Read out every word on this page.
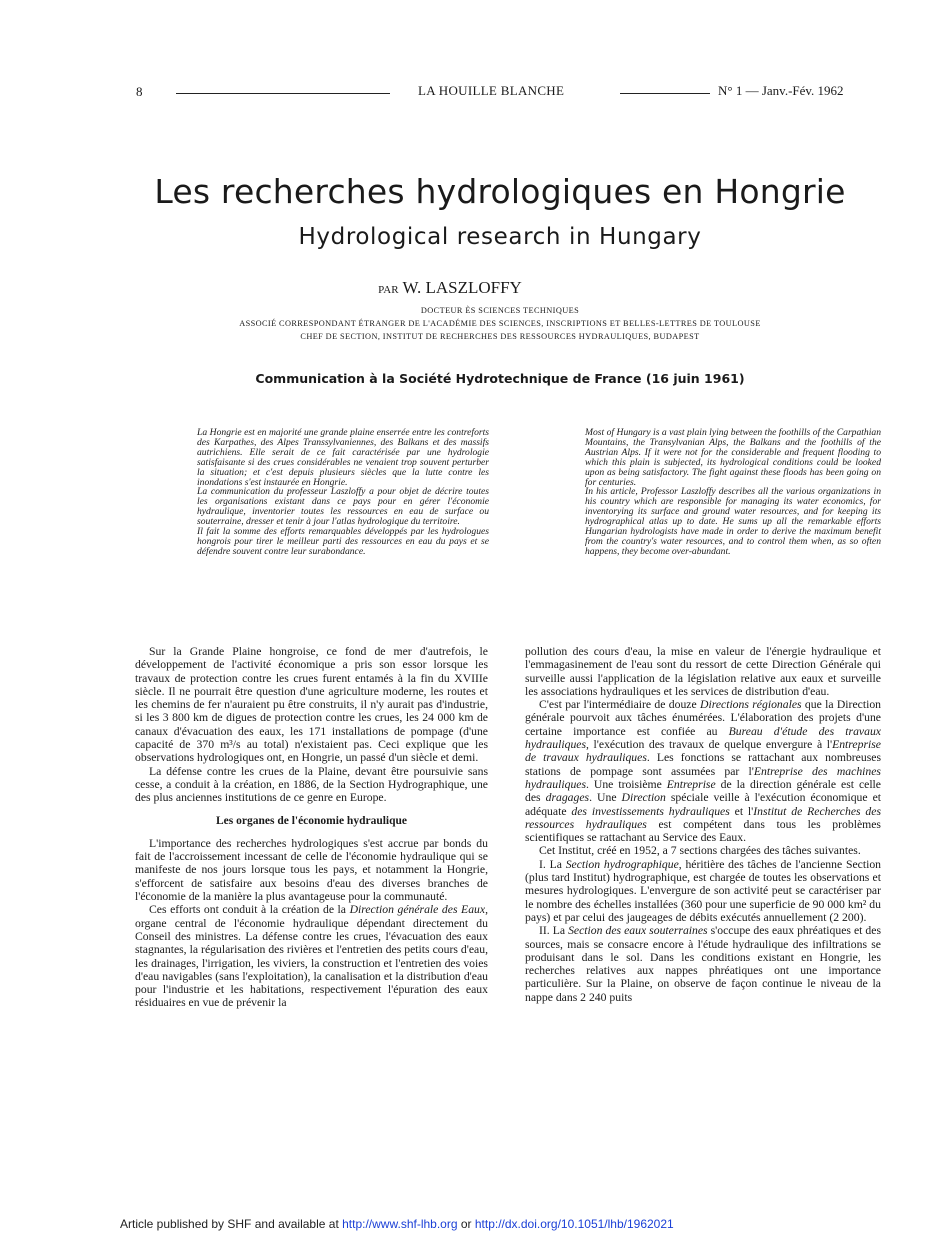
8	LA HOUILLE BLANCHE	N° 1 — Janv.-Fév. 1962
Les recherches hydrologiques en Hongrie
Hydrological research in Hungary
PAR W. LASZLOFFY
DOCTEUR ÈS SCIENCES TECHNIQUES
ASSOCIÉ CORRESPONDANT ÉTRANGER DE L'ACADÉMIE DES SCIENCES, INSCRIPTIONS ET BELLES-LETTRES DE TOULOUSE
CHEF DE SECTION, INSTITUT DE RECHERCHES DES RESSOURCES HYDRAULIQUES, BUDAPEST
Communication à la Société Hydrotechnique de France (16 juin 1961)

La Hongrie est en majorité une grande plaine enserrée entre les contreforts des Karpathes, des Alpes Transsylvaniennes, des Balkans et des massifs autrichiens. Elle serait de ce fait caractérisée par une hydrologie satisfaisante si des crues considérables ne venaient trop souvent perturber la situation; et c'est depuis plusieurs siècles que la lutte contre les inondations s'est instaurée en Hongrie.

La communication du professeur Laszloffy a pour objet de décrire toutes les organisations existant dans ce pays pour en gérer l'économie hydraulique, inventorier toutes les ressources en eau de surface ou souterraine, dresser et tenir à jour l'atlas hydrologique du territoire.

Il fait la somme des efforts remarquables développés par les hydrologues hongrois pour tirer le meilleur parti des ressources en eau du pays et se défendre souvent contre leur surabondance.

Most of Hungary is a vast plain lying between the foothills of the Carpathian Mountains, the Transylvanian Alps, the Balkans and the foothills of the Austrian Alps. If it were not for the considerable and frequent flooding to which this plain is subjected, its hydrological conditions could be looked upon as being satisfactory. The fight against these floods has been going on for centuries.

In his article, Professor Laszloffy describes all the various organizations in his country which are responsible for managing its water economics, for inventorying its surface and ground water resources, and for keeping its hydrographical atlas up to date. He sums up all the remarkable efforts Hungarian hydrologists have made in order to derive the maximum benefit from the country's water resources, and to control them when, as so often happens, they become over-abundant.

Sur la Grande Plaine hongroise, ce fond de mer d'autrefois, le développement de l'activité économique a pris son essor lorsque les travaux de protection contre les crues furent entamés à la fin du XVIIIe siècle. Il ne pourrait être question d'une agriculture moderne, les routes et les chemins de fer n'auraient pu être construits, il n'y aurait pas d'industrie, si les 3 800 km de digues de protection contre les crues, les 24 000 km de canaux d'évacuation des eaux, les 171 installations de pompage (d'une capacité de 370 m³/s au total) n'existaient pas. Ceci explique que les observations hydrologiques ont, en Hongrie, un passé d'un siècle et demi.

La défense contre les crues de la Plaine, devant être poursuivie sans cesse, a conduit à la création, en 1886, de la Section Hydrographique, une des plus anciennes institutions de ce genre en Europe.

Les organes de l'économie hydraulique

L'importance des recherches hydrologiques s'est accrue par bonds du fait de l'accroissement incessant de celle de l'économie hydraulique qui se manifeste de nos jours lorsque tous les pays, et notamment la Hongrie, s'efforcent de satisfaire aux besoins d'eau des diverses branches de l'économie de la manière la plus avantageuse pour la communauté.

Ces efforts ont conduit à la création de la Direction générale des Eaux, organe central de l'économie hydraulique dépendant directement du Conseil des ministres. La défense contre les crues, l'évacuation des eaux stagnantes, la régularisation des rivières et l'entretien des petits cours d'eau, les drainages, l'irrigation, les viviers, la construction et l'entretien des voies d'eau navigables (sans l'exploitation), la canalisation et la distribution d'eau pour l'industrie et les habitations, respectivement l'épuration des eaux résiduaires en vue de prévenir la

pollution des cours d'eau, la mise en valeur de l'énergie hydraulique et l'emmagasinement de l'eau sont du ressort de cette Direction Générale qui surveille aussi l'application de la législation relative aux eaux et surveille les associations hydrauliques et les services de distribution d'eau.

C'est par l'intermédiaire de douze Directions régionales que la Direction générale pourvoit aux tâches énumérées. L'élaboration des projets d'une certaine importance est confiée au Bureau d'étude des travaux hydrauliques, l'exécution des travaux de quelque envergure à l'Entreprise de travaux hydrauliques. Les fonctions se rattachant aux nombreuses stations de pompage sont assumées par l'Entreprise des machines hydrauliques. Une troisième Entreprise de la direction générale est celle des dragages. Une Direction spéciale veille à l'exécution économique et adéquate des investissements hydrauliques et l'Institut de Recherches des ressources hydrauliques est compétent dans tous les problèmes scientifiques se rattachant au Service des Eaux.

Cet Institut, créé en 1952, a 7 sections chargées des tâches suivantes.

I. La Section hydrographique, héritière des tâches de l'ancienne Section (plus tard Institut) hydrographique, est chargée de toutes les observations et mesures hydrologiques. L'envergure de son activité peut se caractériser par le nombre des échelles installées (360 pour une superficie de 90 000 km² du pays) et par celui des jaugeages de débits exécutés annuellement (2 200).

II. La Section des eaux souterraines s'occupe des eaux phréatiques et des sources, mais se consacre encore à l'étude hydraulique des infiltrations se produisant dans le sol. Dans les conditions existant en Hongrie, les recherches relatives aux nappes phréatiques ont une importance particulière. Sur la Plaine, on observe de façon continue le niveau de la nappe dans 2 240 puits

Article published by SHF and available at http://www.shf-lhb.org or http://dx.doi.org/10.1051/lhb/1962021
